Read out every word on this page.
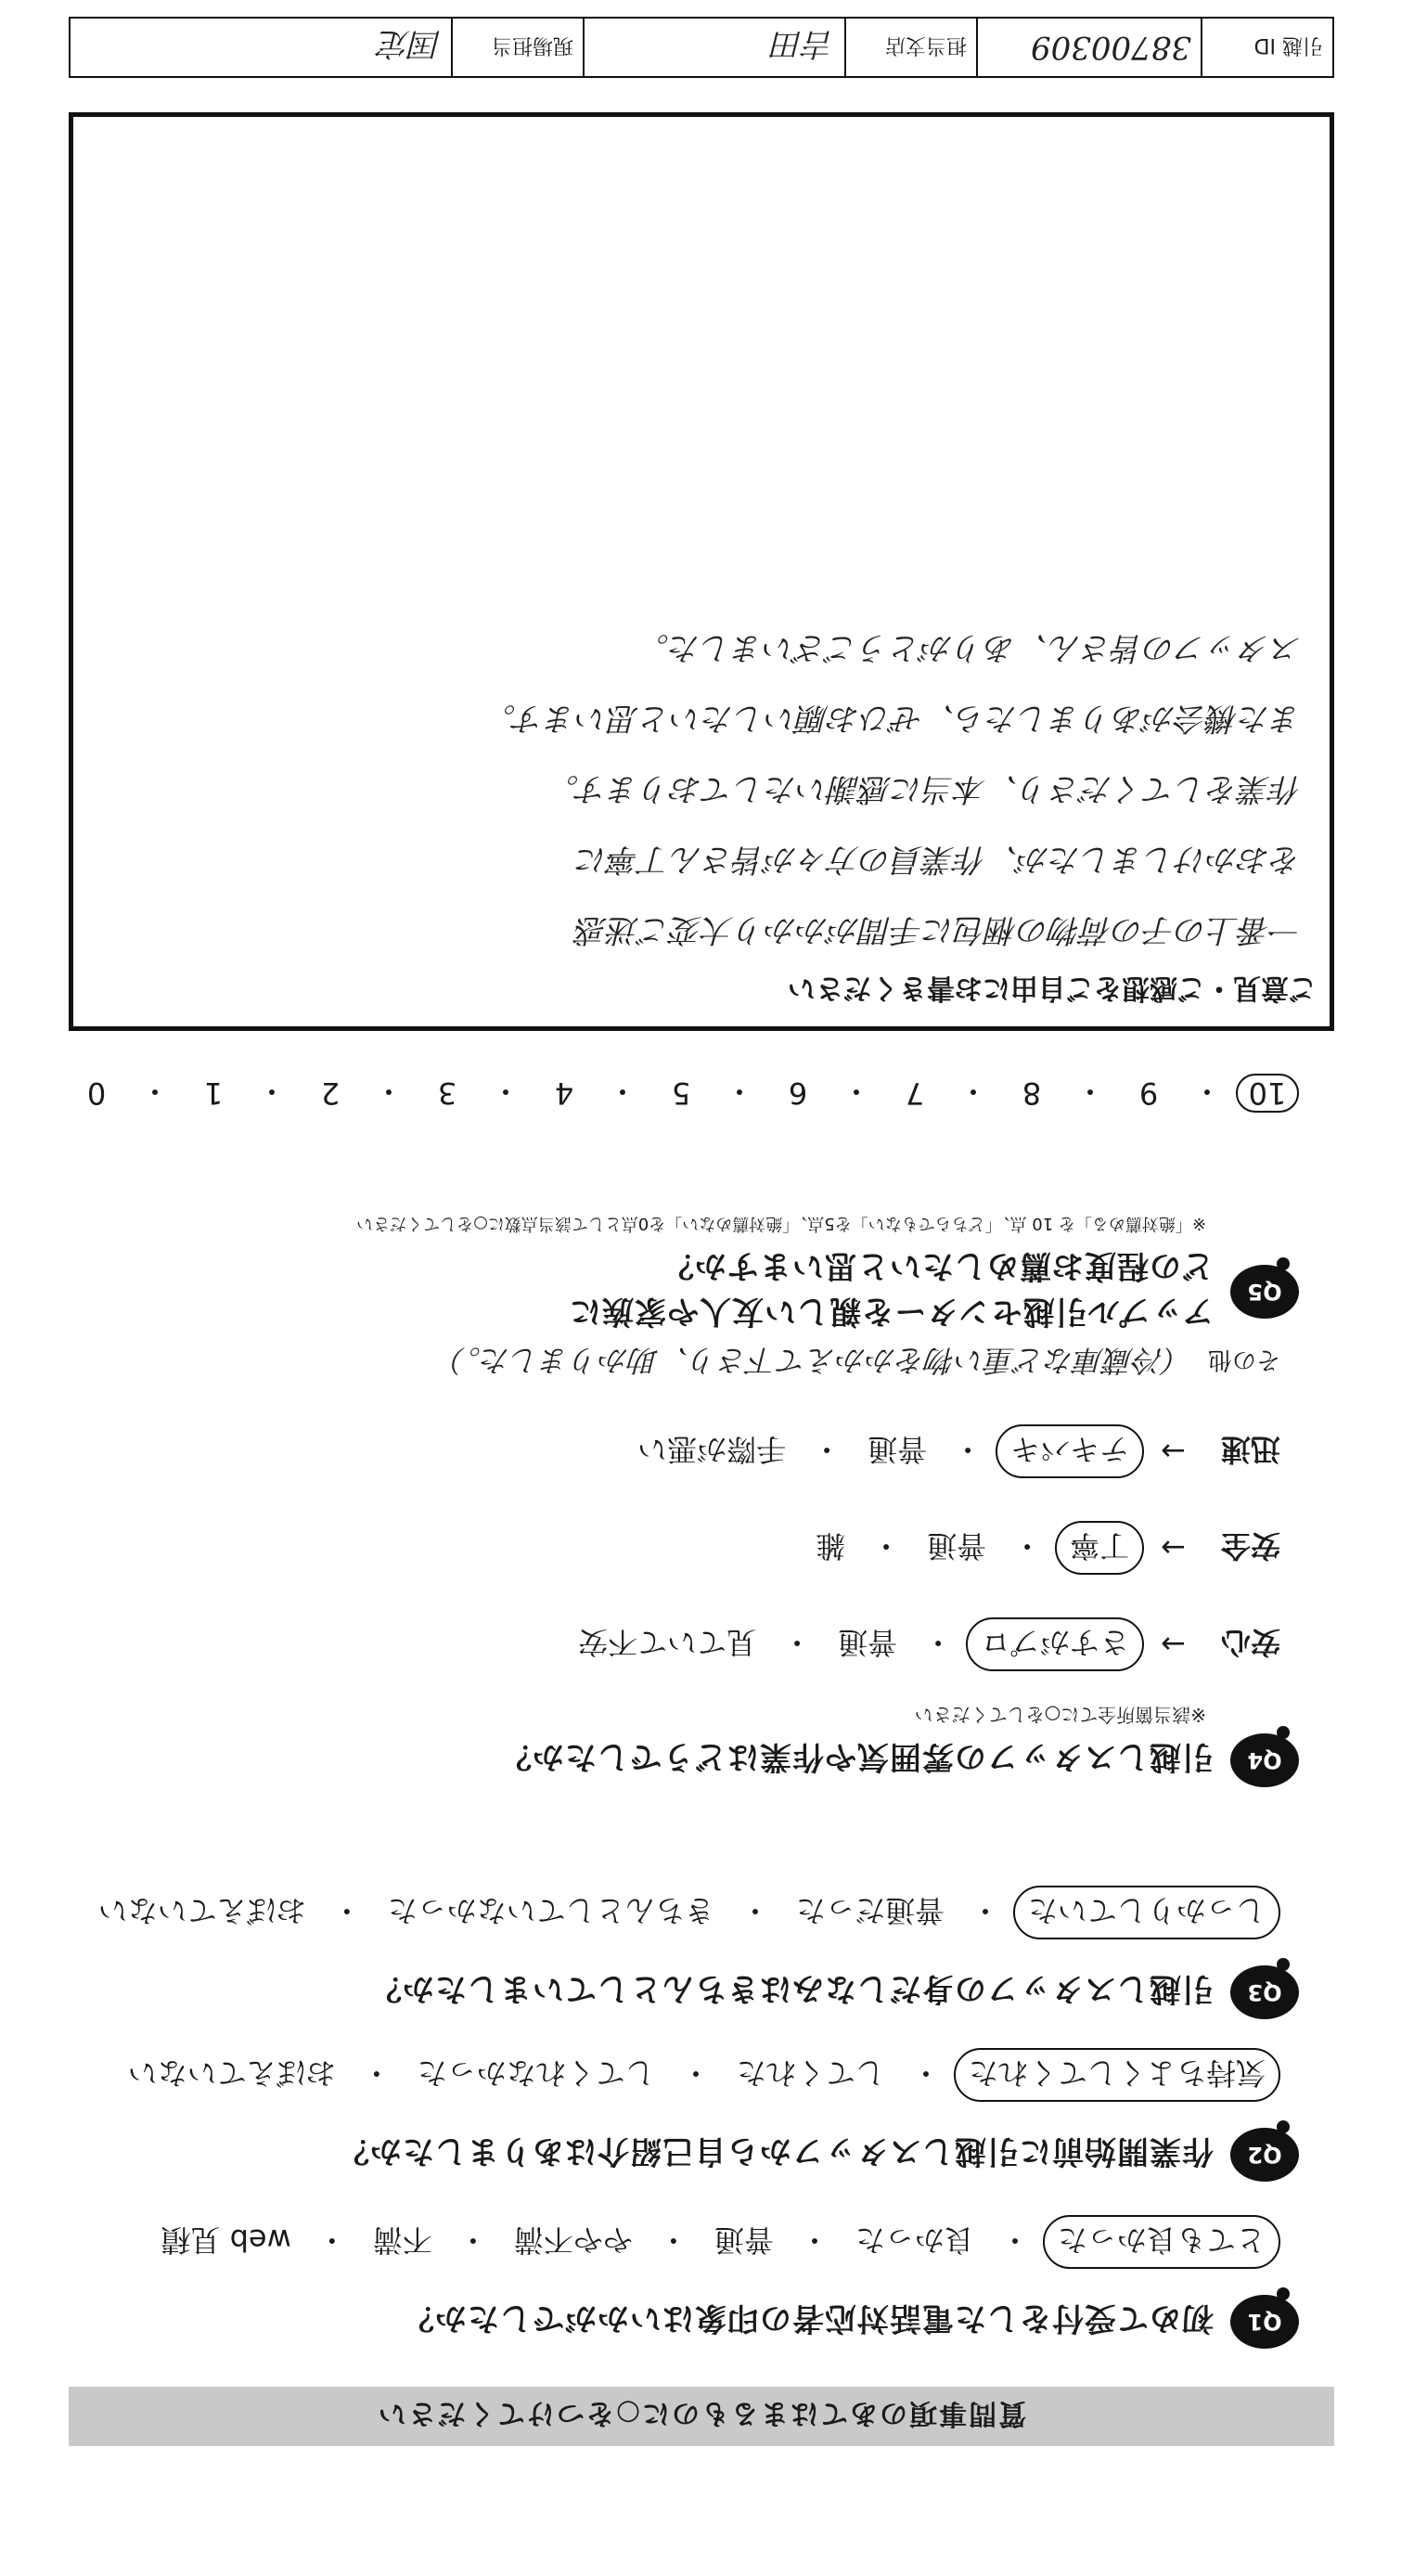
質問事項のあてはまるものに○をつけてください
Q1
初めて受付をした電話対応者の印象はいかがでしたか？
とても良かった
・
良かった
・
普通
・
やや不満
・
不満
・
web 見積
Q2
作業開始前に引越しスタッフから自己紹介はありましたか？
気持ちよくしてくれた
・
してくれた
・
してくれなかった
・
おぼえていない
Q3
引越しスタッフの身だしなみはきちんとしていましたか？
しっかりしていた
・
普通だった
・
きちんとしていなかった
・
おぼえていない
Q4
引越しスタッフの雰囲気や作業はどうでしたか？
※該当箇所全てに○をしてください
安心
→
さすがプロ
・
普通
・
見ていて不安
安全
→
丁寧
・
普通
・
雑
迅速
→
テキパキ
・
普通
・
手際が悪い
その他
（冷蔵庫など重い物をかかえて下さり、助かりました。）
Q5
アップル引越センターを親しい友人や家族に
どの程度お薦めしたいと思いますか？
※「絶対薦める」を 10 点、「どちらでもない」を5点、「絶対薦めない」を0点として該当点数に○をしてください
10
・
9
・
8
・
7
・
6
・
5
・
4
・
3
・
2
・
1
・
0
ご意見・ご感想をご自由にお書きください
一番上の子の荷物の梱包に手間がかかり大変ご迷惑
をおかけしましたが、作業員の方々が皆さん丁寧に
作業をしてくださり、本当に感謝いたしております。
また機会がありましたら、ぜひお願いしたいと思います。
スタッフの皆さん、ありがとうございました。
引越 ID
38700309
担当支店
吉田
現場担当
国定
